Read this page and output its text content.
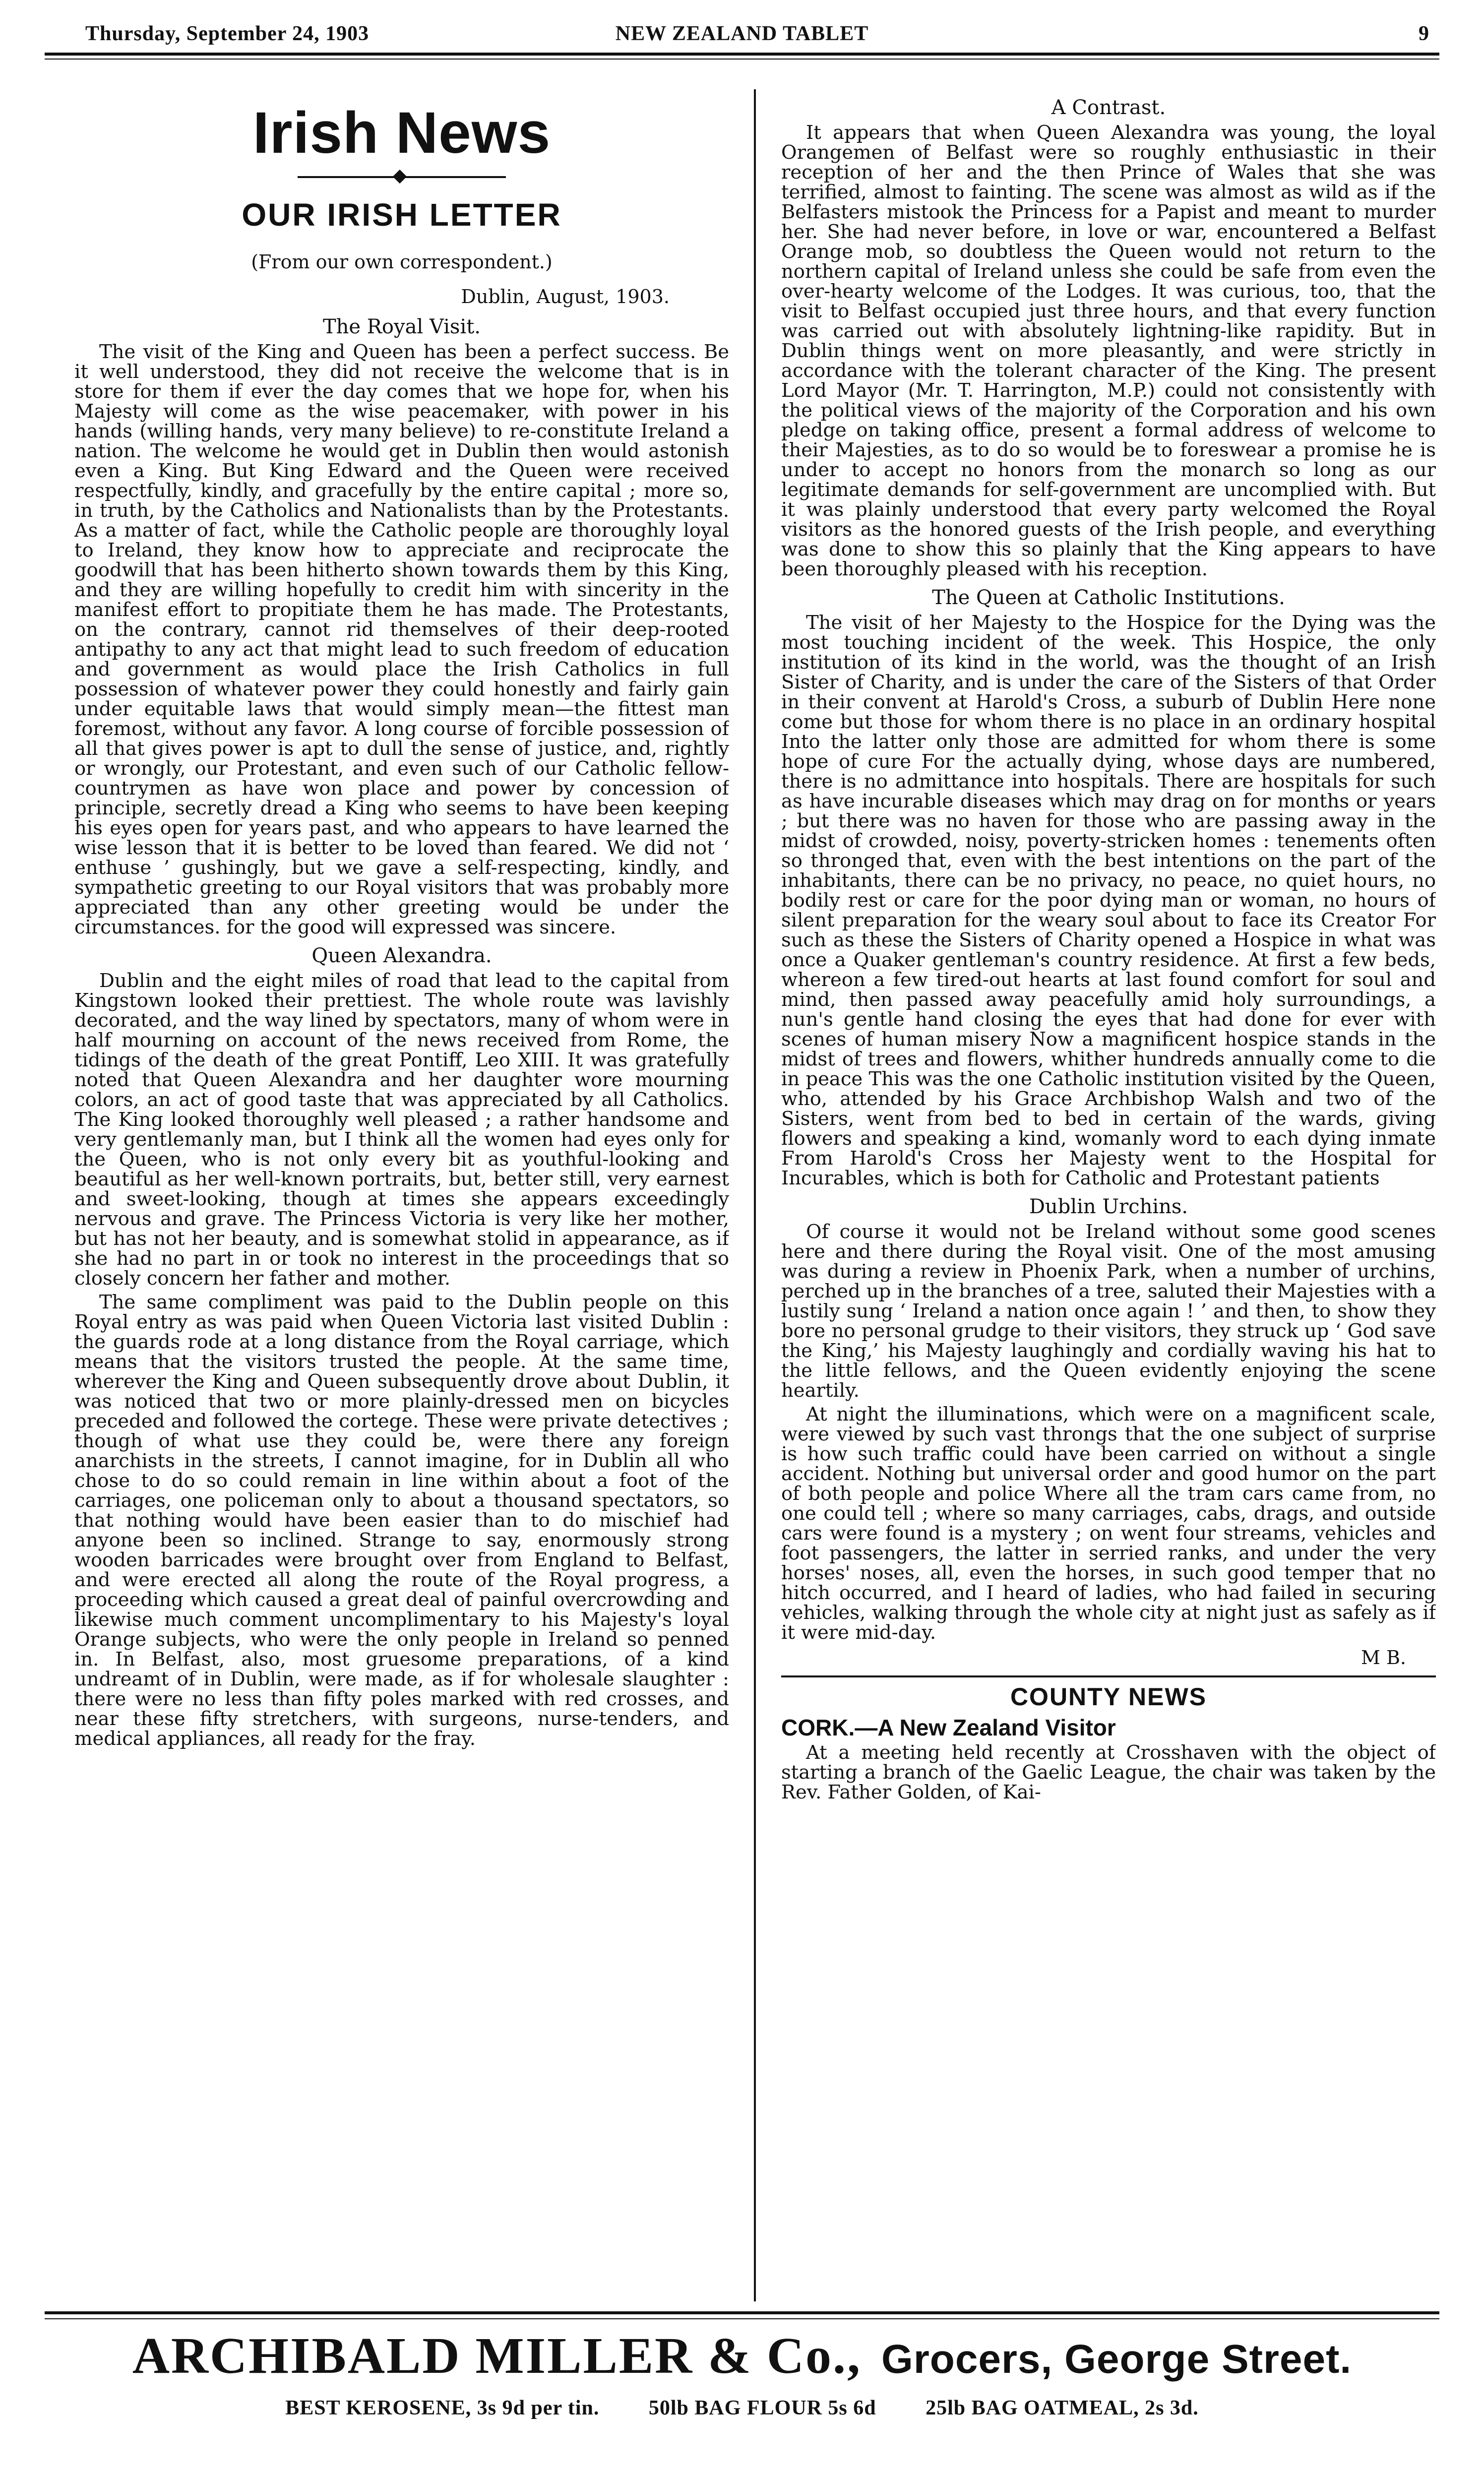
Thursday, September 24, 1903	NEW ZEALAND TABLET	9
Irish News
OUR IRISH LETTER
(From our own correspondent.)
Dublin, August, 1903.
The Royal Visit.

The visit of the King and Queen has been a perfect success. Be it well understood, they did not receive the welcome that is in store for them if ever the day comes that we hope for, when his Majesty will come as the wise peacemaker, with power in his hands (willing hands, very many believe) to re-constitute Ireland a nation. The welcome he would get in Dublin then would astonish even a King. But King Edward and the Queen were received respectfully, kindly, and gracefully by the entire capital ; more so, in truth, by the Catholics and Nationalists than by the Protestants. As a matter of fact, while the Catholic people are thoroughly loyal to Ireland, they know how to appreciate and reciprocate the goodwill that has been hitherto shown towards them by this King, and they are willing hopefully to credit him with sincerity in the manifest effort to propitiate them he has made. The Protestants, on the contrary, cannot rid themselves of their deep-rooted antipathy to any act that might lead to such freedom of education and government as would place the Irish Catholics in full possession of whatever power they could honestly and fairly gain under equitable laws that would simply mean—the fittest man foremost, without any favor. A long course of forcible possession of all that gives power is apt to dull the sense of justice, and, rightly or wrongly, our Protestant, and even such of our Catholic fellow-countrymen as have won place and power by concession of principle, secretly dread a King who seems to have been keeping his eyes open for years past, and who appears to have learned the wise lesson that it is better to be loved than feared. We did not ‘ enthuse ’ gushingly, but we gave a self-respecting, kindly, and sympathetic greeting to our Royal visitors that was probably more appreciated than any other greeting would be under the circumstances. for the good will expressed was sincere.

Queen Alexandra.

Dublin and the eight miles of road that lead to the capital from Kingstown looked their prettiest. The whole route was lavishly decorated, and the way lined by spectators, many of whom were in half mourning on account of the news received from Rome, the tidings of the death of the great Pontiff, Leo XIII. It was gratefully noted that Queen Alexandra and her daughter wore mourning colors, an act of good taste that was appreciated by all Catholics. The King looked thoroughly well pleased ; a rather handsome and very gentlemanly man, but I think all the women had eyes only for the Queen, who is not only every bit as youthful-looking and beautiful as her well-known portraits, but, better still, very earnest and sweet-looking, though at times she appears exceedingly nervous and grave. The Princess Victoria is very like her mother, but has not her beauty, and is somewhat stolid in appearance, as if she had no part in or took no interest in the proceedings that so closely concern her father and mother.

The same compliment was paid to the Dublin people on this Royal entry as was paid when Queen Victoria last visited Dublin : the guards rode at a long distance from the Royal carriage, which means that the visitors trusted the people. At the same time, wherever the King and Queen subsequently drove about Dublin, it was noticed that two or more plainly-dressed men on bicycles preceded and followed the cortege. These were private detectives ; though of what use they could be, were there any foreign anarchists in the streets, I cannot imagine, for in Dublin all who chose to do so could remain in line within about a foot of the carriages, one policeman only to about a thousand spectators, so that nothing would have been easier than to do mischief had anyone been so inclined. Strange to say, enormously strong wooden barricades were brought over from England to Belfast, and were erected all along the route of the Royal progress, a proceeding which caused a great deal of painful overcrowding and likewise much comment uncomplimentary to his Majesty's loyal Orange subjects, who were the only people in Ireland so penned in. In Belfast, also, most gruesome preparations, of a kind undreamt of in Dublin, were made, as if for wholesale slaughter : there were no less than fifty poles marked with red crosses, and near these fifty stretchers, with surgeons, nurse-tenders, and medical appliances, all ready for the fray.

A Contrast.

It appears that when Queen Alexandra was young, the loyal Orangemen of Belfast were so roughly enthusiastic in their reception of her and the then Prince of Wales that she was terrified, almost to fainting. The scene was almost as wild as if the Belfasters mistook the Princess for a Papist and meant to murder her. She had never before, in love or war, encountered a Belfast Orange mob, so doubtless the Queen would not return to the northern capital of Ireland unless she could be safe from even the over-hearty welcome of the Lodges. It was curious, too, that the visit to Belfast occupied just three hours, and that every function was carried out with absolutely lightning-like rapidity. But in Dublin things went on more pleasantly, and were strictly in accordance with the tolerant character of the King. The present Lord Mayor (Mr. T. Harrington, M.P.) could not consistently with the political views of the majority of the Corporation and his own pledge on taking office, present a formal address of welcome to their Majesties, as to do so would be to foreswear a promise he is under to accept no honors from the monarch so long as our legitimate demands for self-government are uncomplied with. But it was plainly understood that every party welcomed the Royal visitors as the honored guests of the Irish people, and everything was done to show this so plainly that the King appears to have been thoroughly pleased with his reception.

The Queen at Catholic Institutions.

The visit of her Majesty to the Hospice for the Dying was the most touching incident of the week. This Hospice, the only institution of its kind in the world, was the thought of an Irish Sister of Charity, and is under the care of the Sisters of that Order in their convent at Harold's Cross, a suburb of Dublin Here none come but those for whom there is no place in an ordinary hospital Into the latter only those are admitted for whom there is some hope of cure For the actually dying, whose days are numbered, there is no admittance into hospitals. There are hospitals for such as have incurable diseases which may drag on for months or years ; but there was no haven for those who are passing away in the midst of crowded, noisy, poverty-stricken homes : tenements often so thronged that, even with the best intentions on the part of the inhabitants, there can be no privacy, no peace, no quiet hours, no bodily rest or care for the poor dying man or woman, no hours of silent preparation for the weary soul about to face its Creator For such as these the Sisters of Charity opened a Hospice in what was once a Quaker gentleman's country residence. At first a few beds, whereon a few tired-out hearts at last found comfort for soul and mind, then passed away peacefully amid holy surroundings, a nun's gentle hand closing the eyes that had done for ever with scenes of human misery Now a magnificent hospice stands in the midst of trees and flowers, whither hundreds annually come to die in peace This was the one Catholic institution visited by the Queen, who, attended by his Grace Archbishop Walsh and two of the Sisters, went from bed to bed in certain of the wards, giving flowers and speaking a kind, womanly word to each dying inmate From Harold's Cross her Majesty went to the Hospital for Incurables, which is both for Catholic and Protestant patients

Dublin Urchins.

Of course it would not be Ireland without some good scenes here and there during the Royal visit. One of the most amusing was during a review in Phoenix Park, when a number of urchins, perched up in the branches of a tree, saluted their Majesties with a lustily sung ‘ Ireland a nation once again ! ’ and then, to show they bore no personal grudge to their visitors, they struck up ‘ God save the King,’ his Majesty laughingly and cordially waving his hat to the little fellows, and the Queen evidently enjoying the scene heartily.

At night the illuminations, which were on a magnificent scale, were viewed by such vast throngs that the one subject of surprise is how such traffic could have been carried on without a single accident. Nothing but universal order and good humor on the part of both people and police Where all the tram cars came from, no one could tell ; where so many carriages, cabs, drags, and outside cars were found is a mystery ; on went four streams, vehicles and foot passengers, the latter in serried ranks, and under the very horses' noses, all, even the horses, in such good temper that no hitch occurred, and I heard of ladies, who had failed in securing vehicles, walking through the whole city at night just as safely as if it were mid-day.

M B.
COUNTY NEWS
CORK.—A New Zealand Visitor

At a meeting held recently at Crosshaven with the object of starting a branch of the Gaelic League, the chair was taken by the Rev. Father Golden, of Kai-

ARCHIBALD MILLER & Co., Grocers, George Street.
BEST KEROSENE, 3s 9d per tin. 50lb BAG FLOUR 5s 6d 25lb BAG OATMEAL, 2s 3d.
